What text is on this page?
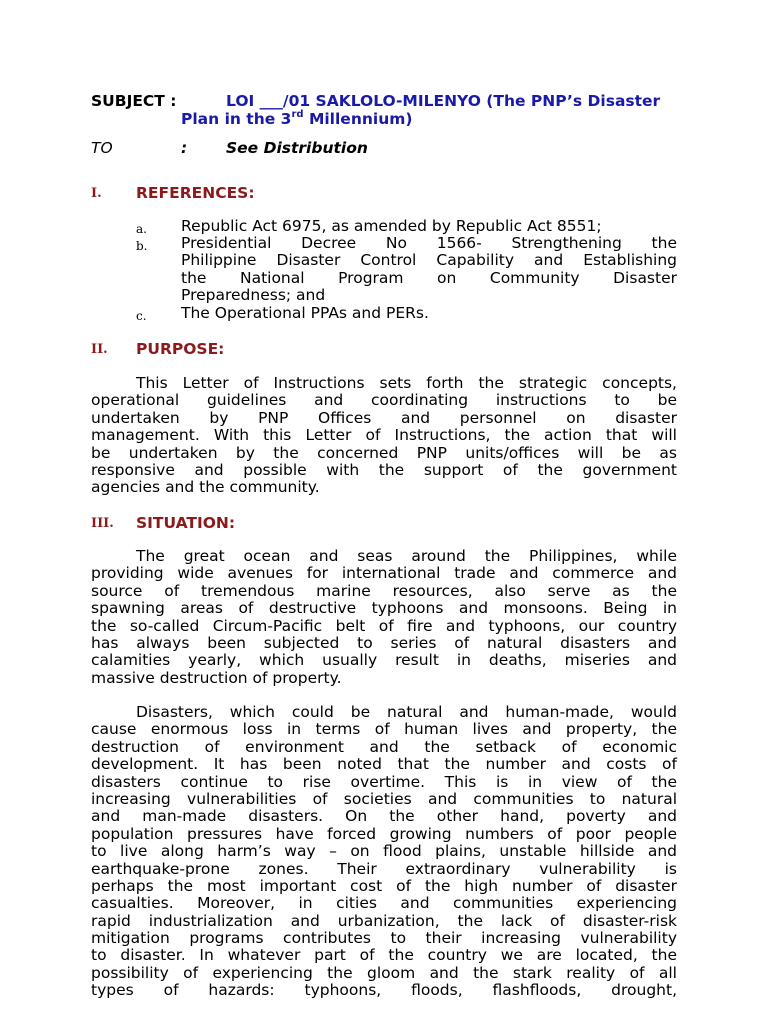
SUBJECT :	LOI ___/01 SAKLOLO-MILENYO (The PNP’s Disaster
Plan in the 3rd Millennium)
TO	:	See Distribution
I. REFERENCES:
a. Republic Act 6975, as amended by Republic Act 8551;
b. Presidential Decree No 1566- Strengthening the
Philippine Disaster Control Capability and Establishing
the National Program on Community Disaster
Preparedness; and
c. The Operational PPAs and PERs.
II. PURPOSE:
This Letter of Instructions sets forth the strategic concepts,
operational guidelines and coordinating instructions to be
undertaken by PNP Offices and personnel on disaster
management. With this Letter of Instructions, the action that will
be undertaken by the concerned PNP units/offices will be as
responsive and possible with the support of the government
agencies and the community.
III. SITUATION:
The great ocean and seas around the Philippines, while
providing wide avenues for international trade and commerce and
source of tremendous marine resources, also serve as the
spawning areas of destructive typhoons and monsoons. Being in
the so-called Circum-Pacific belt of fire and typhoons, our country
has always been subjected to series of natural disasters and
calamities yearly, which usually result in deaths, miseries and
massive destruction of property.
Disasters, which could be natural and human-made, would
cause enormous loss in terms of human lives and property, the
destruction of environment and the setback of economic
development. It has been noted that the number and costs of
disasters continue to rise overtime. This is in view of the
increasing vulnerabilities of societies and communities to natural
and man-made disasters. On the other hand, poverty and
population pressures have forced growing numbers of poor people
to live along harm’s way – on flood plains, unstable hillside and
earthquake-prone zones. Their extraordinary vulnerability is
perhaps the most important cost of the high number of disaster
casualties. Moreover, in cities and communities experiencing
rapid industrialization and urbanization, the lack of disaster-risk
mitigation programs contributes to their increasing vulnerability
to disaster. In whatever part of the country we are located, the
possibility of experiencing the gloom and the stark reality of all
types of hazards: typhoons, floods, flashfloods, drought,
